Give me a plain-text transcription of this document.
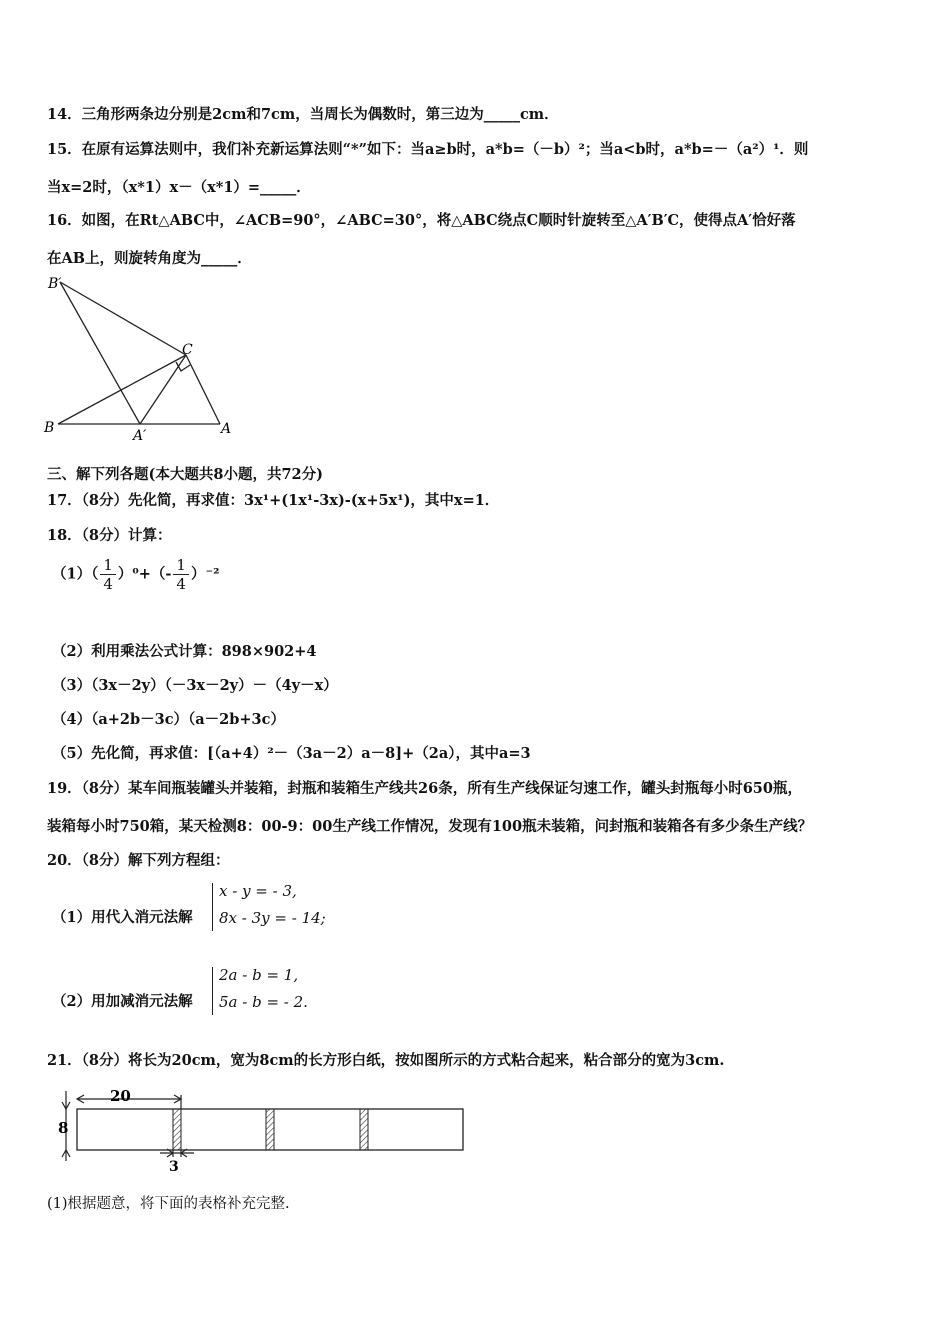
14．三角形两条边分别是2cm和7cm，当周长为偶数时，第三边为_____cm．
15．在原有运算法则中，我们补充新运算法则“*”如下：当a≥b时，a*b=（－b）²；当a<b时，a*b=－（a²）¹．则
当x=2时，（x*1）x－（x*1）=_____．
16．如图，在Rt△ABC中，∠ACB=90°，∠ABC=30°，将△ABC绕点C顺时针旋转至△A′B′C，使得点A′恰好落
在AB上，则旋转角度为_____．
B′
C
B	A′	A
三、解下列各题(本大题共8小题，共72分)
17．（8分）先化简，再求值：3x¹+(1x¹-3x)-(x+5x¹)，其中x=1．
18．（8分）计算：
$(1)( \frac{1}{4} )^0+(- \frac{1}{4} )^{-2}$
（2）利用乘法公式计算：898×902+4
（3）（3x－2y）（－3x－2y）－（4y－x）
（4）（a+2b－3c）（a－2b+3c）
（5）先化简，再求值：[（a+4）²－（3a－2）a－8]+（2a），其中a=3
19．（8分）某车间瓶装罐头并装箱，封瓶和装箱生产线共26条，所有生产线保证匀速工作，罐头封瓶每小时650瓶，
装箱每小时750箱，某天检测8：00-9：00生产线工作情况，发现有100瓶未装箱，问封瓶和装箱各有多少条生产线？
20．（8分）解下列方程组：
（1）用代入消元法解
x - y = - 3,
8x - 3y = - 14;
（2）用加减消元法解
2a - b = 1,
5a - b = - 2.
21．（8分）将长为20cm，宽为8cm的长方形白纸，按如图所示的方式粘合起来，粘合部分的宽为3cm.
20
8
3
(1)根据题意，将下面的表格补充完整.
